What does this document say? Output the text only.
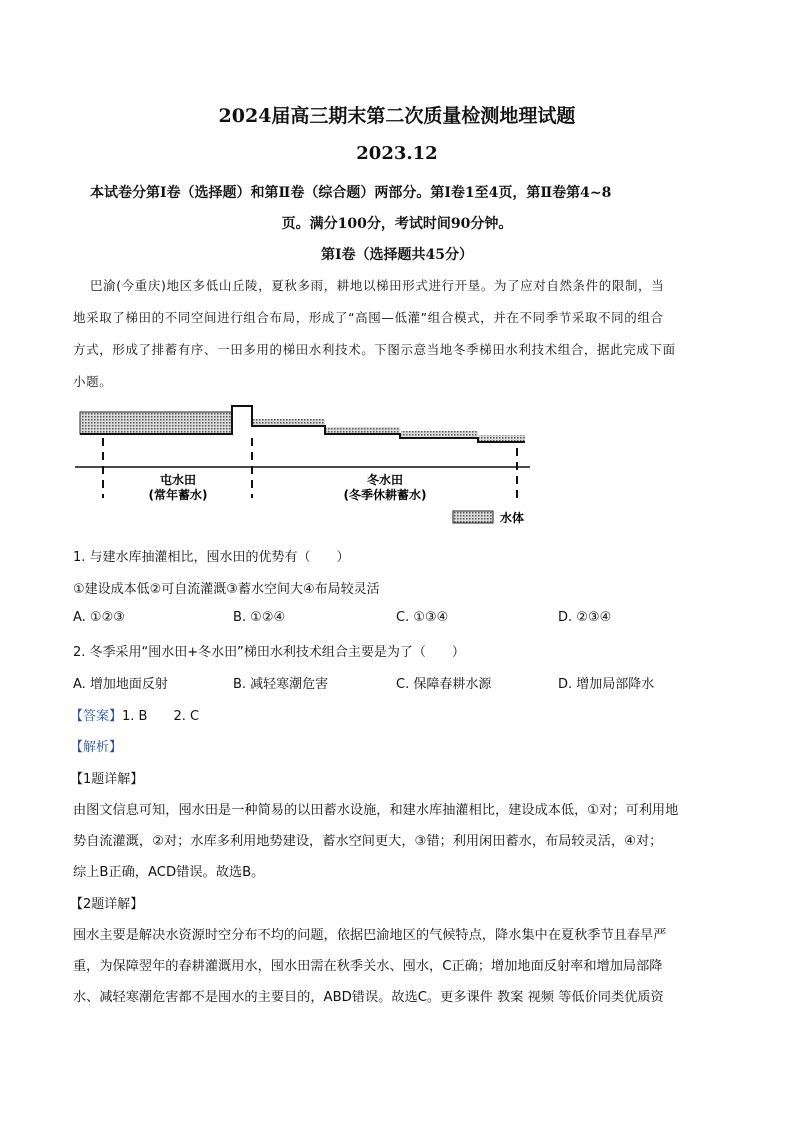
2024届高三期末第二次质量检测地理试题
2023.12
本试卷分第Ⅰ卷（选择题）和第Ⅱ卷（综合题）两部分。第Ⅰ卷1至4页，第Ⅱ卷第4~8
页。满分100分，考试时间90分钟。
第Ⅰ卷（选择题共45分）
巴渝(今重庆)地区多低山丘陵，夏秋多雨，耕地以梯田形式进行开垦。为了应对自然条件的限制，当
地采取了梯田的不同空间进行组合布局，形成了“高囤—低灌”组合模式，并在不同季节采取不同的组合
方式，形成了排蓄有序、一田多用的梯田水利技术。下图示意当地冬季梯田水利技术组合，据此完成下面
小题。
屯水田
(常年蓄水)
冬水田
(冬季休耕蓄水)
水体
1. 与建水库抽灌相比，囤水田的优势有（　　）
①建设成本低②可自流灌溉③蓄水空间大④布局较灵活
A. ①②③	B. ①②④	C. ①③④	D. ②③④
2. 冬季采用“囤水田+冬水田”梯田水利技术组合主要是为了（　　）
A. 增加地面反射	B. 减轻寒潮危害	C. 保障春耕水源	D. 增加局部降水
【答案】1. B　　2. C
【解析】
【1题详解】
由图文信息可知，囤水田是一种简易的以田蓄水设施，和建水库抽灌相比，建设成本低，①对；可利用地
势自流灌溉，②对；水库多利用地势建设，蓄水空间更大，③错；利用闲田蓄水，布局较灵活，④对；
综上B正确，ACD错误。故选B。
【2题详解】
囤水主要是解决水资源时空分布不均的问题，依据巴渝地区的气候特点，降水集中在夏秋季节且春旱严
重，为保障翌年的春耕灌溉用水，囤水田需在秋季关水、囤水，C正确；增加地面反射率和增加局部降
水、减轻寒潮危害都不是囤水的主要目的，ABD错误。故选C。更多课件 教案 视频 等低价同类优质资
